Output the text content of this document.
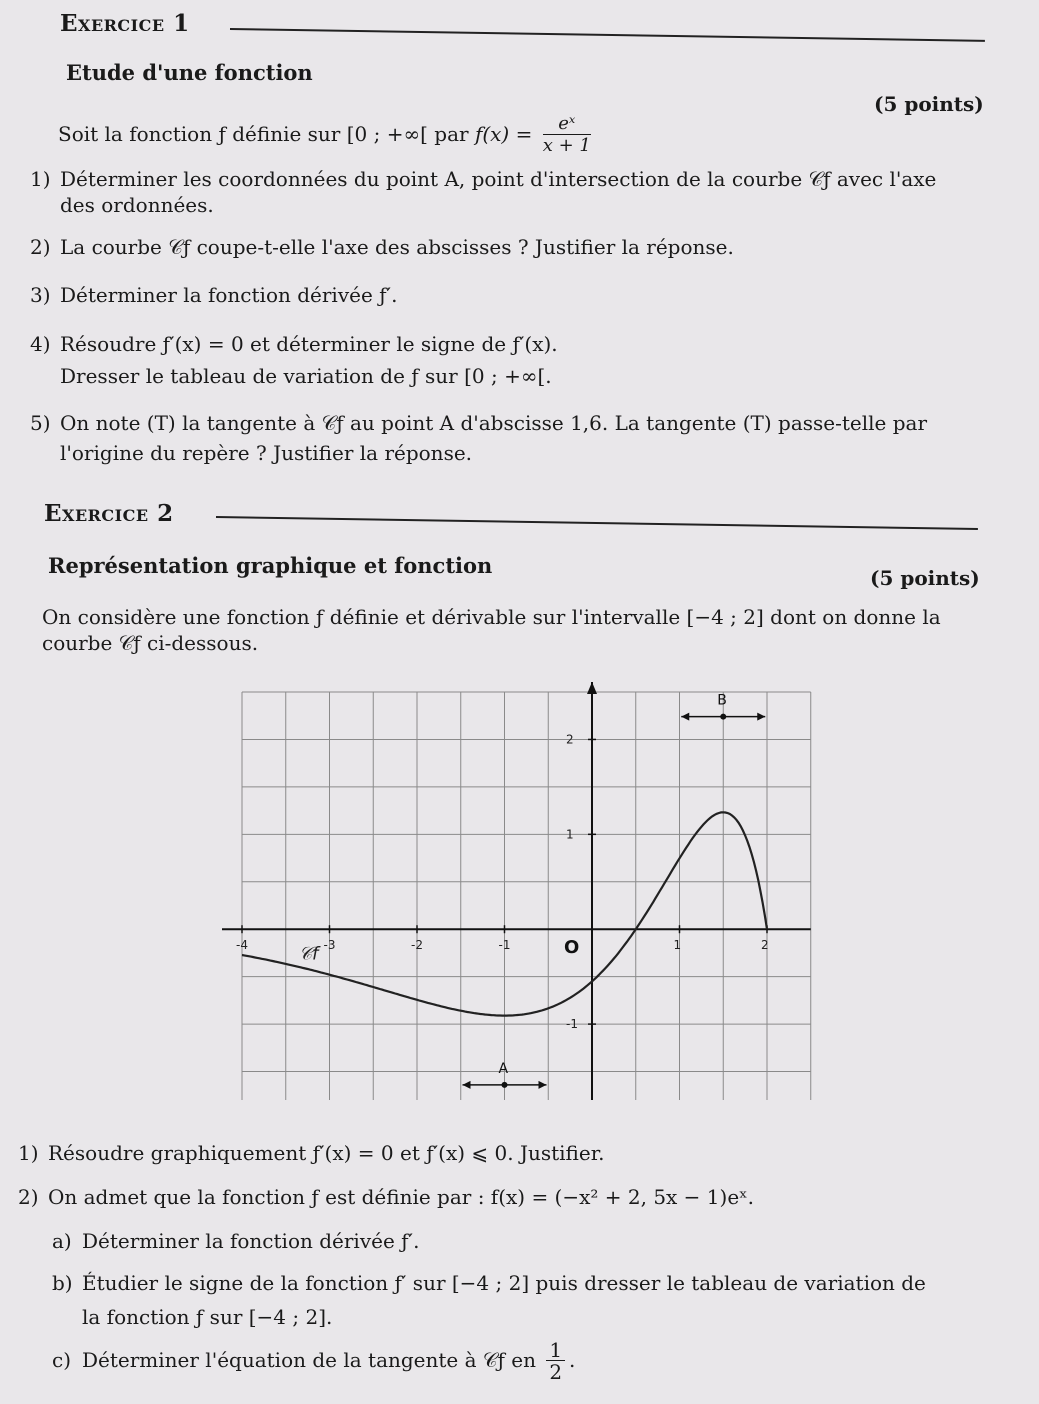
Exercice 1
Etude d'une fonction
(5 points)
Soit la fonction ƒ définie sur [0 ; +∞[ par $f(x) = \frac{\text{eˣ}}{x + 1}$
1) Déterminer les coordonnées du point A, point d'intersection de la courbe 𝒞ƒ avec l'axe
des ordonnées.
2) La courbe 𝒞ƒ coupe-t-elle l'axe des abscisses ? Justifier la réponse.
3) Déterminer la fonction dérivée ƒ′.
4) Résoudre ƒ′(x) = 0 et déterminer le signe de ƒ′(x).
Dresser le tableau de variation de ƒ sur [0 ; +∞[.
5) On note (T) la tangente à 𝒞ƒ au point A d'abscisse 1,6. La tangente (T) passe-telle par
l'origine du repère ? Justifier la réponse.
Exercice 2
Représentation graphique et fonction	(5 points)
On considère une fonction ƒ définie et dérivable sur l'intervalle [−4 ; 2] dont on donne la
courbe 𝒞ƒ ci-dessous.
-4	-3	-2	-1	1	2
2
1
-1
O
A
B
𝒞f
1) Résoudre graphiquement ƒ′(x) = 0 et ƒ′(x) ⩽ 0. Justifier.
2) On admet que la fonction ƒ est définie par : f(x) = (−x² + 2, 5x − 1)eˣ.
a) Déterminer la fonction dérivée ƒ′.
b) Étudier le signe de la fonction ƒ′ sur [−4 ; 2] puis dresser le tableau de variation de
la fonction ƒ sur [−4 ; 2].
c) Déterminer l'équation de la tangente à 𝒞ƒ en $\frac{1}{2}$ .
